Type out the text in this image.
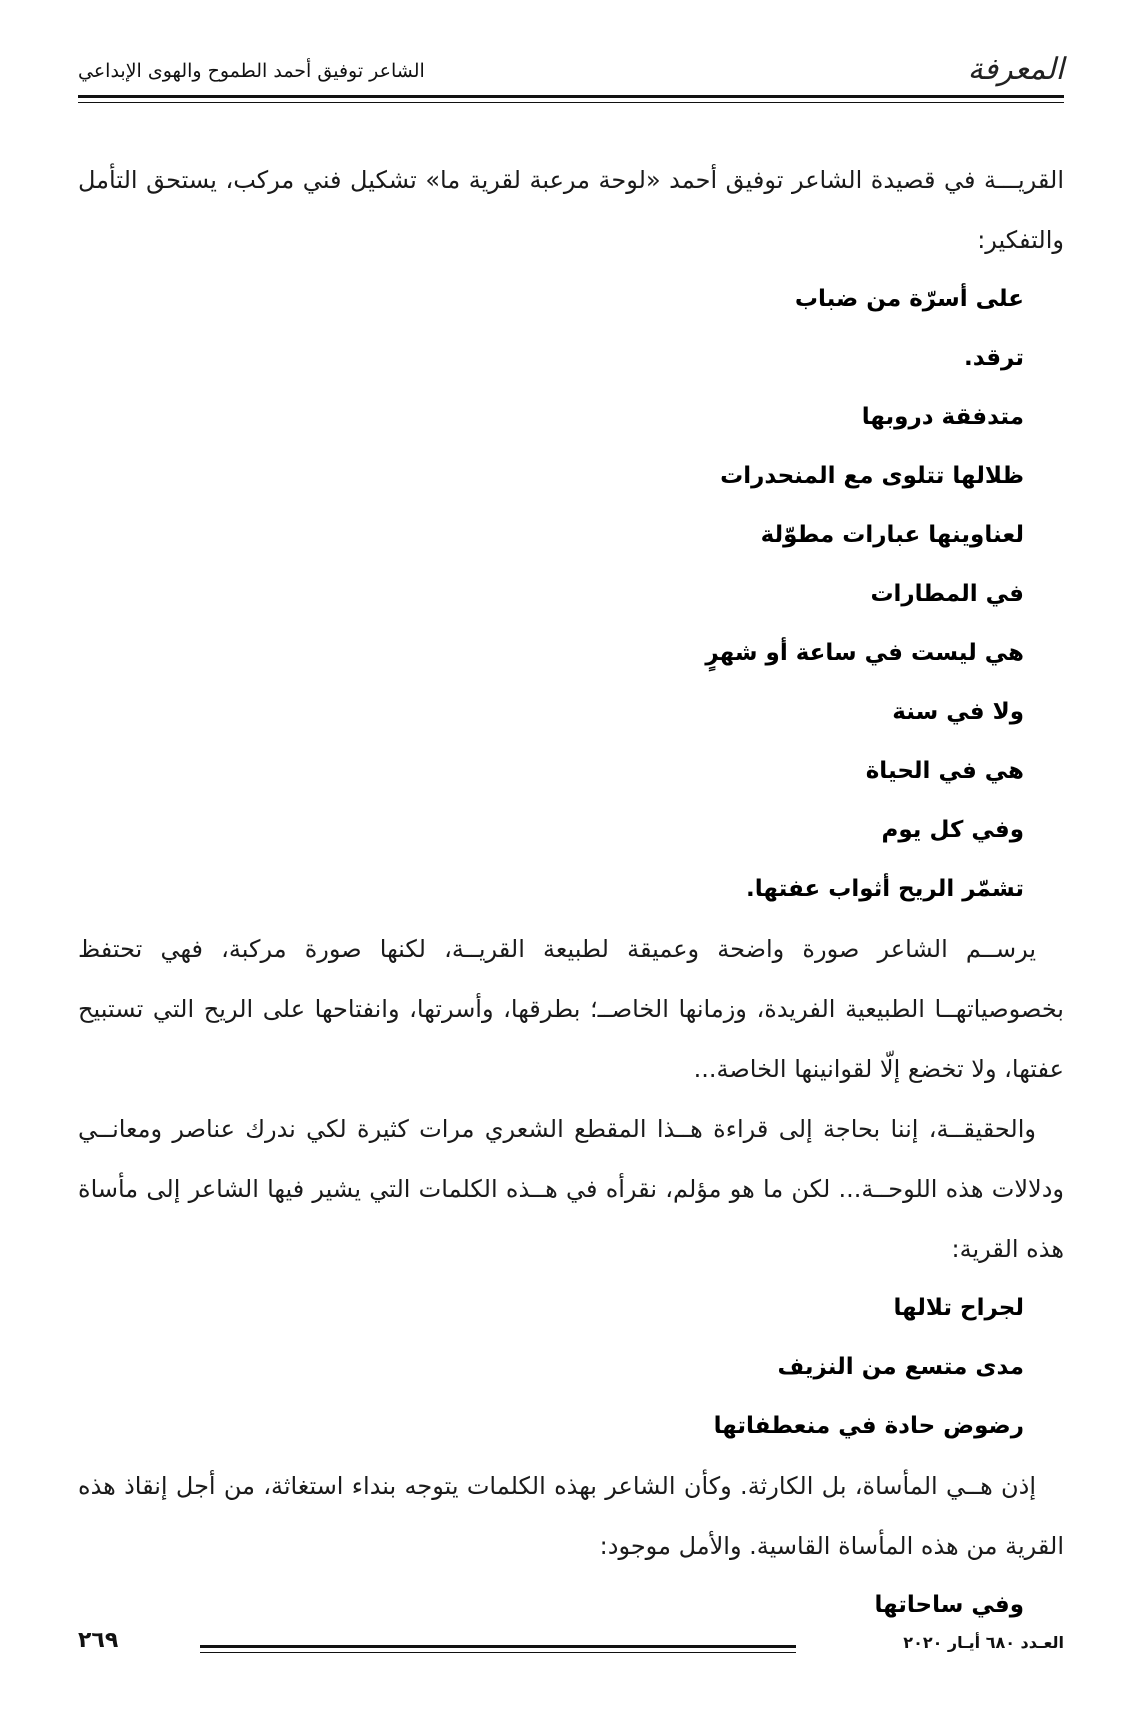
المعرفة
الشاعر توفيق أحمد الطموح والهوى الإبداعي

القريـــة في قصيدة الشاعر توفيق أحمد «لوحة مرعبة لقرية ما» تشكيل فني مركب، يستحق التأمل والتفكير:

على أسرّة من ضباب

ترقد.

متدفقة دروبها

ظلالها تتلوى مع المنحدرات

لعناوينها عبارات مطوّلة

في المطارات

هي ليست في ساعة أو شهرٍ

ولا في سنة

هي في الحياة

وفي كل يوم

تشمّر الريح أثواب عفتها.

يرســم الشاعر صورة واضحة وعميقة لطبيعة القريــة، لكنها صورة مركبة، فهي تحتفظ بخصوصياتهــا الطبيعية الفريدة، وزمانها الخاصــ؛ بطرقها، وأسرتها، وانفتاحها على الريح التي تستبيح عفتها، ولا تخضع إلّا لقوانينها الخاصة...

والحقيقــة، إننا بحاجة إلى قراءة هــذا المقطع الشعري مرات كثيرة لكي ندرك عناصر ومعانــي ودلالات هذه اللوحــة... لكن ما هو مؤلم، نقرأه في هــذه الكلمات التي يشير فيها الشاعر إلى مأساة هذه القرية:

لجراح تلالها

مدى متسع من النزيف

رضوض حادة في منعطفاتها

إذن هــي المأساة، بل الكارثة. وكأن الشاعر بهذه الكلمات يتوجه بنداء استغاثة، من أجل إنقاذ هذه القرية من هذه المأساة القاسية. والأمل موجود:

وفي ساحاتها

٢٦٩	العـدد ٦٨٠ أيـار ٢٠٢٠
